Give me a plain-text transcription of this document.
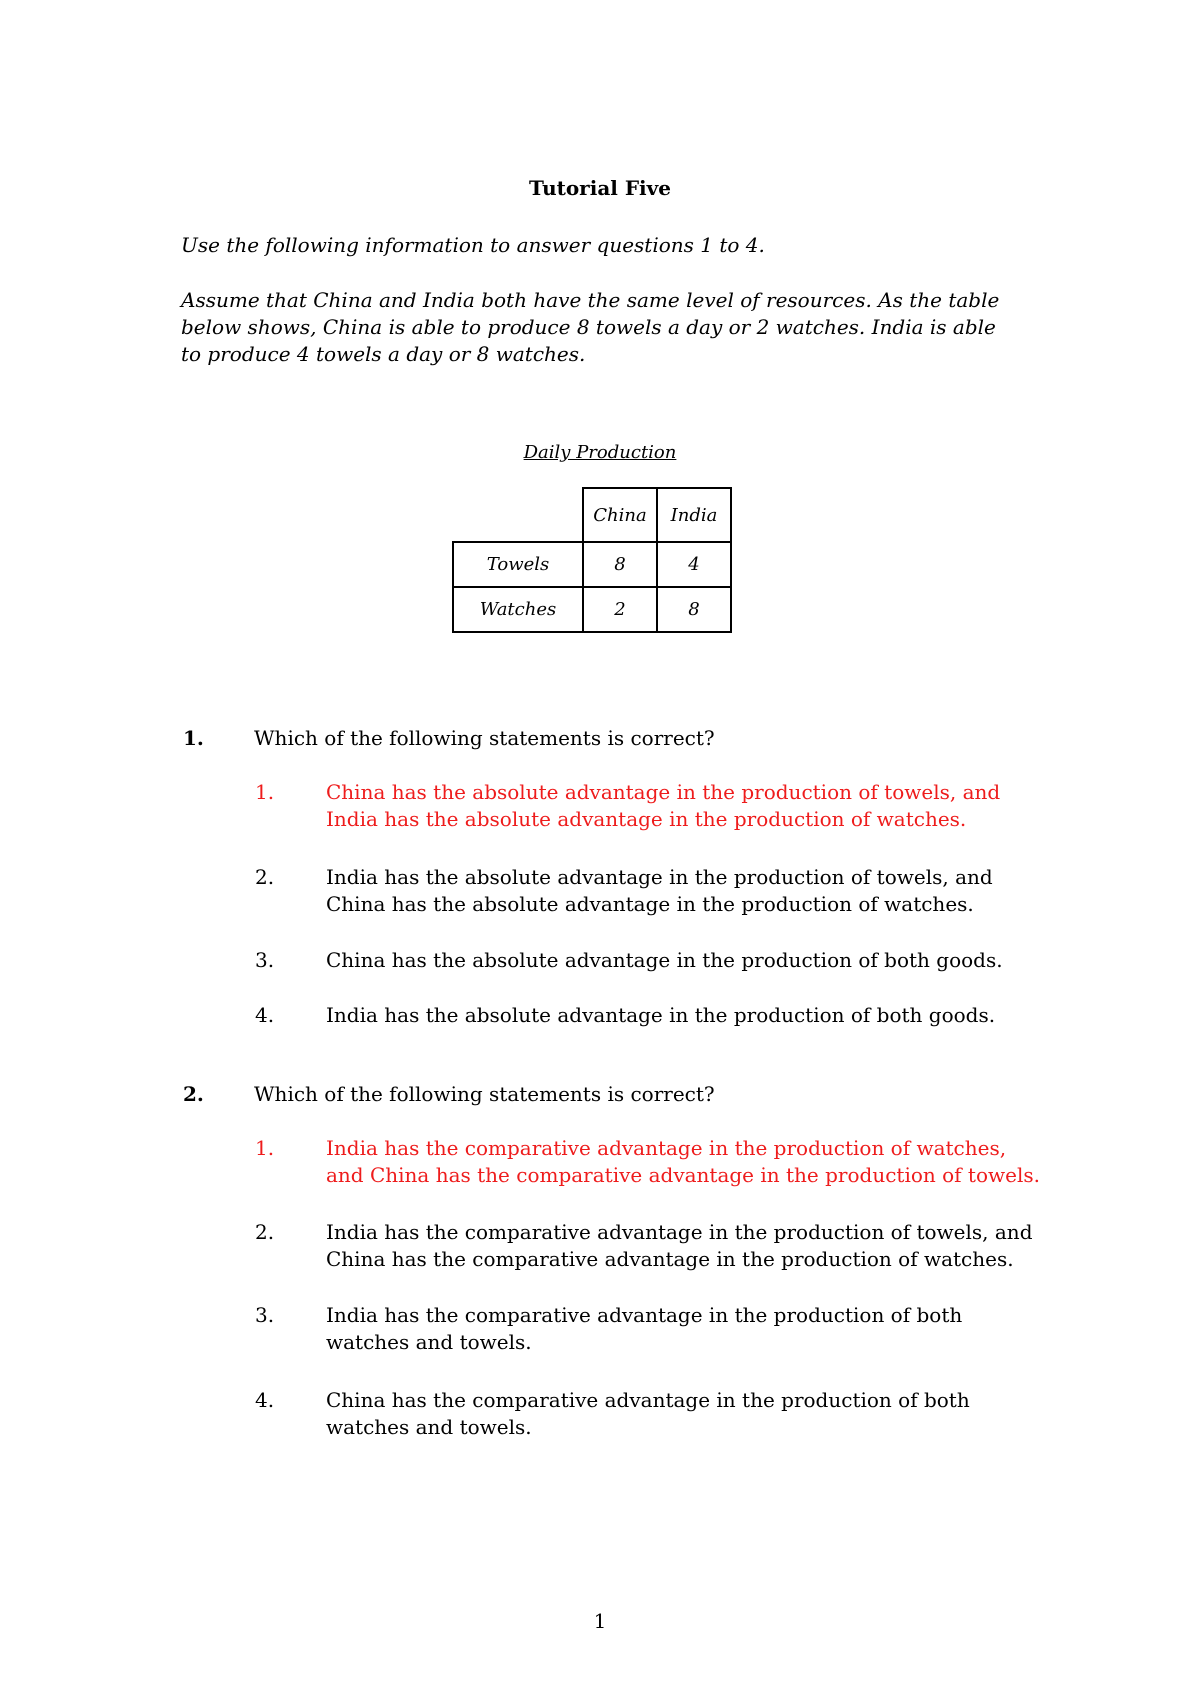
Tutorial Five
Use the following information to answer questions 1 to 4.
Assume that China and India both have the same level of resources. As the table below shows, China is able to produce 8 towels a day or 2 watches. India is able to produce 4 towels a day or 8 watches.
Daily Production
	China	India
Towels	8	4
Watches	2	8
1.	Which of the following statements is correct?
1.	China has the absolute advantage in the production of towels, and India has the absolute advantage in the production of watches.
2.	India has the absolute advantage in the production of towels, and China has the absolute advantage in the production of watches.
3.	China has the absolute advantage in the production of both goods.
4.	India has the absolute advantage in the production of both goods.
2.	Which of the following statements is correct?
1.	India has the comparative advantage in the production of watches, and China has the comparative advantage in the production of towels.
2.	India has the comparative advantage in the production of towels, and China has the comparative advantage in the production of watches.
3.	India has the comparative advantage in the production of both watches and towels.
4.	China has the comparative advantage in the production of both watches and towels.
1
